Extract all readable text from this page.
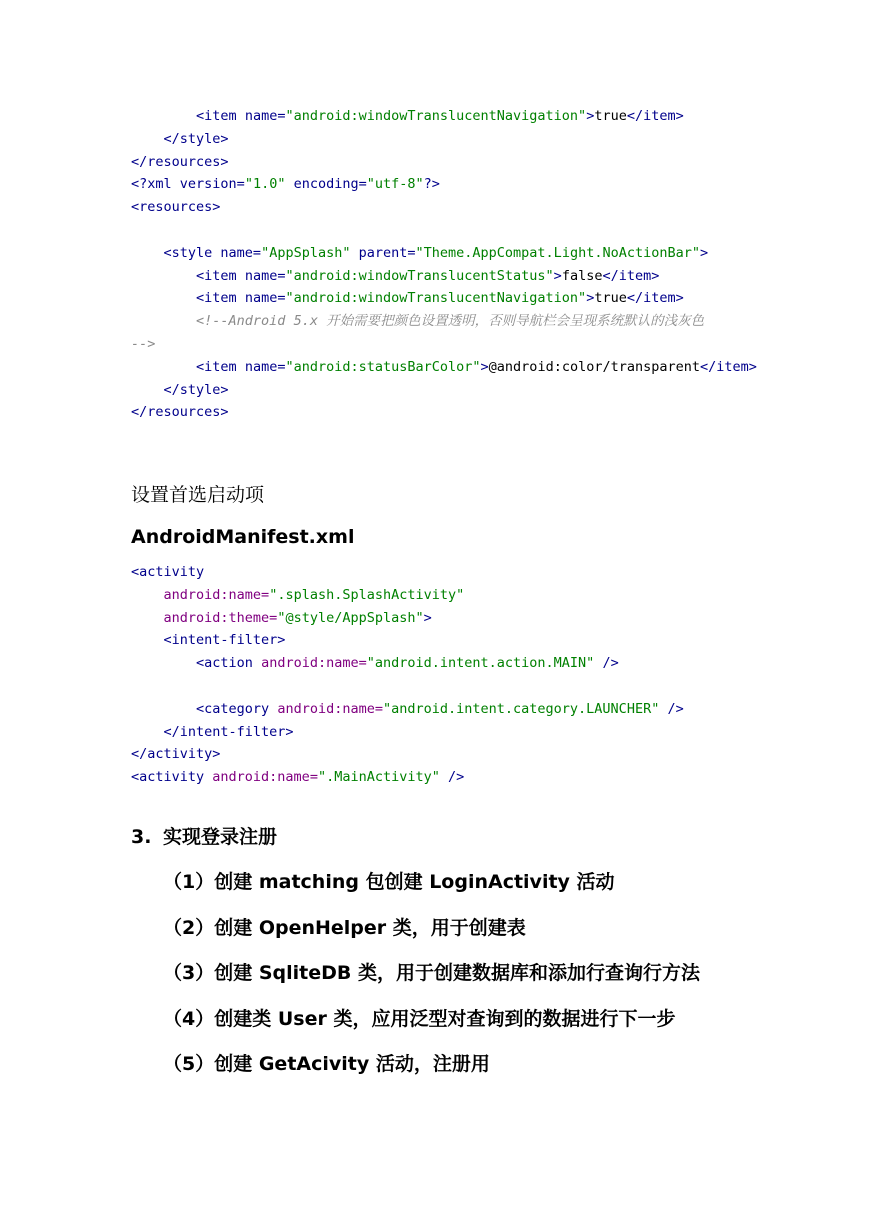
<item name="android:windowTranslucentNavigation">true</item>
</style>
</resources>
<?xml version="1.0" encoding="utf-8"?>
<resources>

<style name="AppSplash" parent="Theme.AppCompat.Light.NoActionBar">
<item name="android:windowTranslucentStatus">false</item>
<item name="android:windowTranslucentNavigation">true</item>
<!--Android 5.x 开始需要把颜色设置透明，否则导航栏会呈现系统默认的浅灰色
-->
<item name="android:statusBarColor">@android:color/transparent</item>
</style>
</resources>
设置首选启动项
AndroidManifest.xml
<activity
android:name=".splash.SplashActivity"
android:theme="@style/AppSplash">
<intent-filter>
<action android:name="android.intent.action.MAIN" />

<category android:name="android.intent.category.LAUNCHER" />
</intent-filter>
</activity>
<activity android:name=".MainActivity" />
3. 实现登录注册
（1）创建 matching 包创建 LoginActivity 活动
（2）创建 OpenHelper 类，用于创建表
（3）创建 SqliteDB 类，用于创建数据库和添加行查询行方法
（4）创建类 User 类，应用泛型对查询到的数据进行下一步
（5）创建 GetAcivity 活动，注册用
